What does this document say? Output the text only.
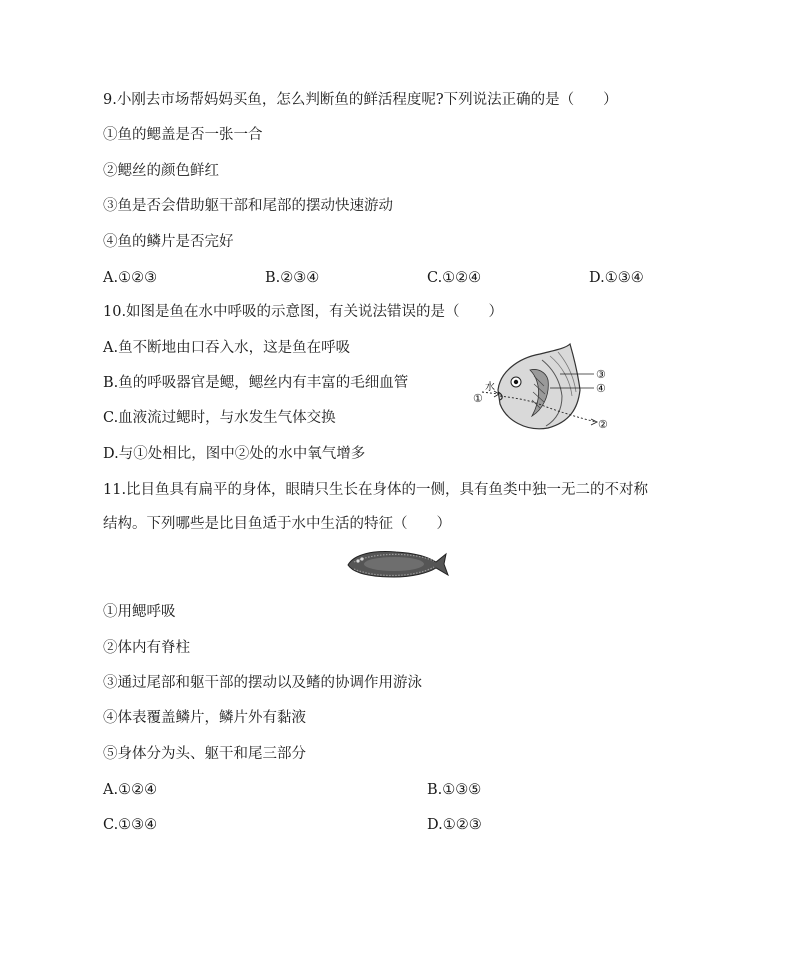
9.小刚去市场帮妈妈买鱼，怎么判断鱼的鲜活程度呢?下列说法正确的是（　　）
①鱼的鳃盖是否一张一合
②鳃丝的颜色鲜红
③鱼是否会借助躯干部和尾部的摆动快速游动
④鱼的鳞片是否完好
A.①②③	B.②③④	C.①②④	D.①③④
10.如图是鱼在水中呼吸的示意图，有关说法错误的是（　　）
A.鱼不断地由口吞入水，这是鱼在呼吸
B.鱼的呼吸器官是鳃，鳃丝内有丰富的毛细血管
C.血液流过鳃时，与水发生气体交换
D.与①处相比，图中②处的水中氧气增多
水
①
②
③
④
11.比目鱼具有扁平的身体，眼睛只生长在身体的一侧，具有鱼类中独一无二的不对称
结构。下列哪些是比目鱼适于水中生活的特征（　　）
①用鳃呼吸
②体内有脊柱
③通过尾部和躯干部的摆动以及鳍的协调作用游泳
④体表覆盖鳞片，鳞片外有黏液
⑤身体分为头、躯干和尾三部分
A.①②④	B.①③⑤
C.①③④	D.①②③
